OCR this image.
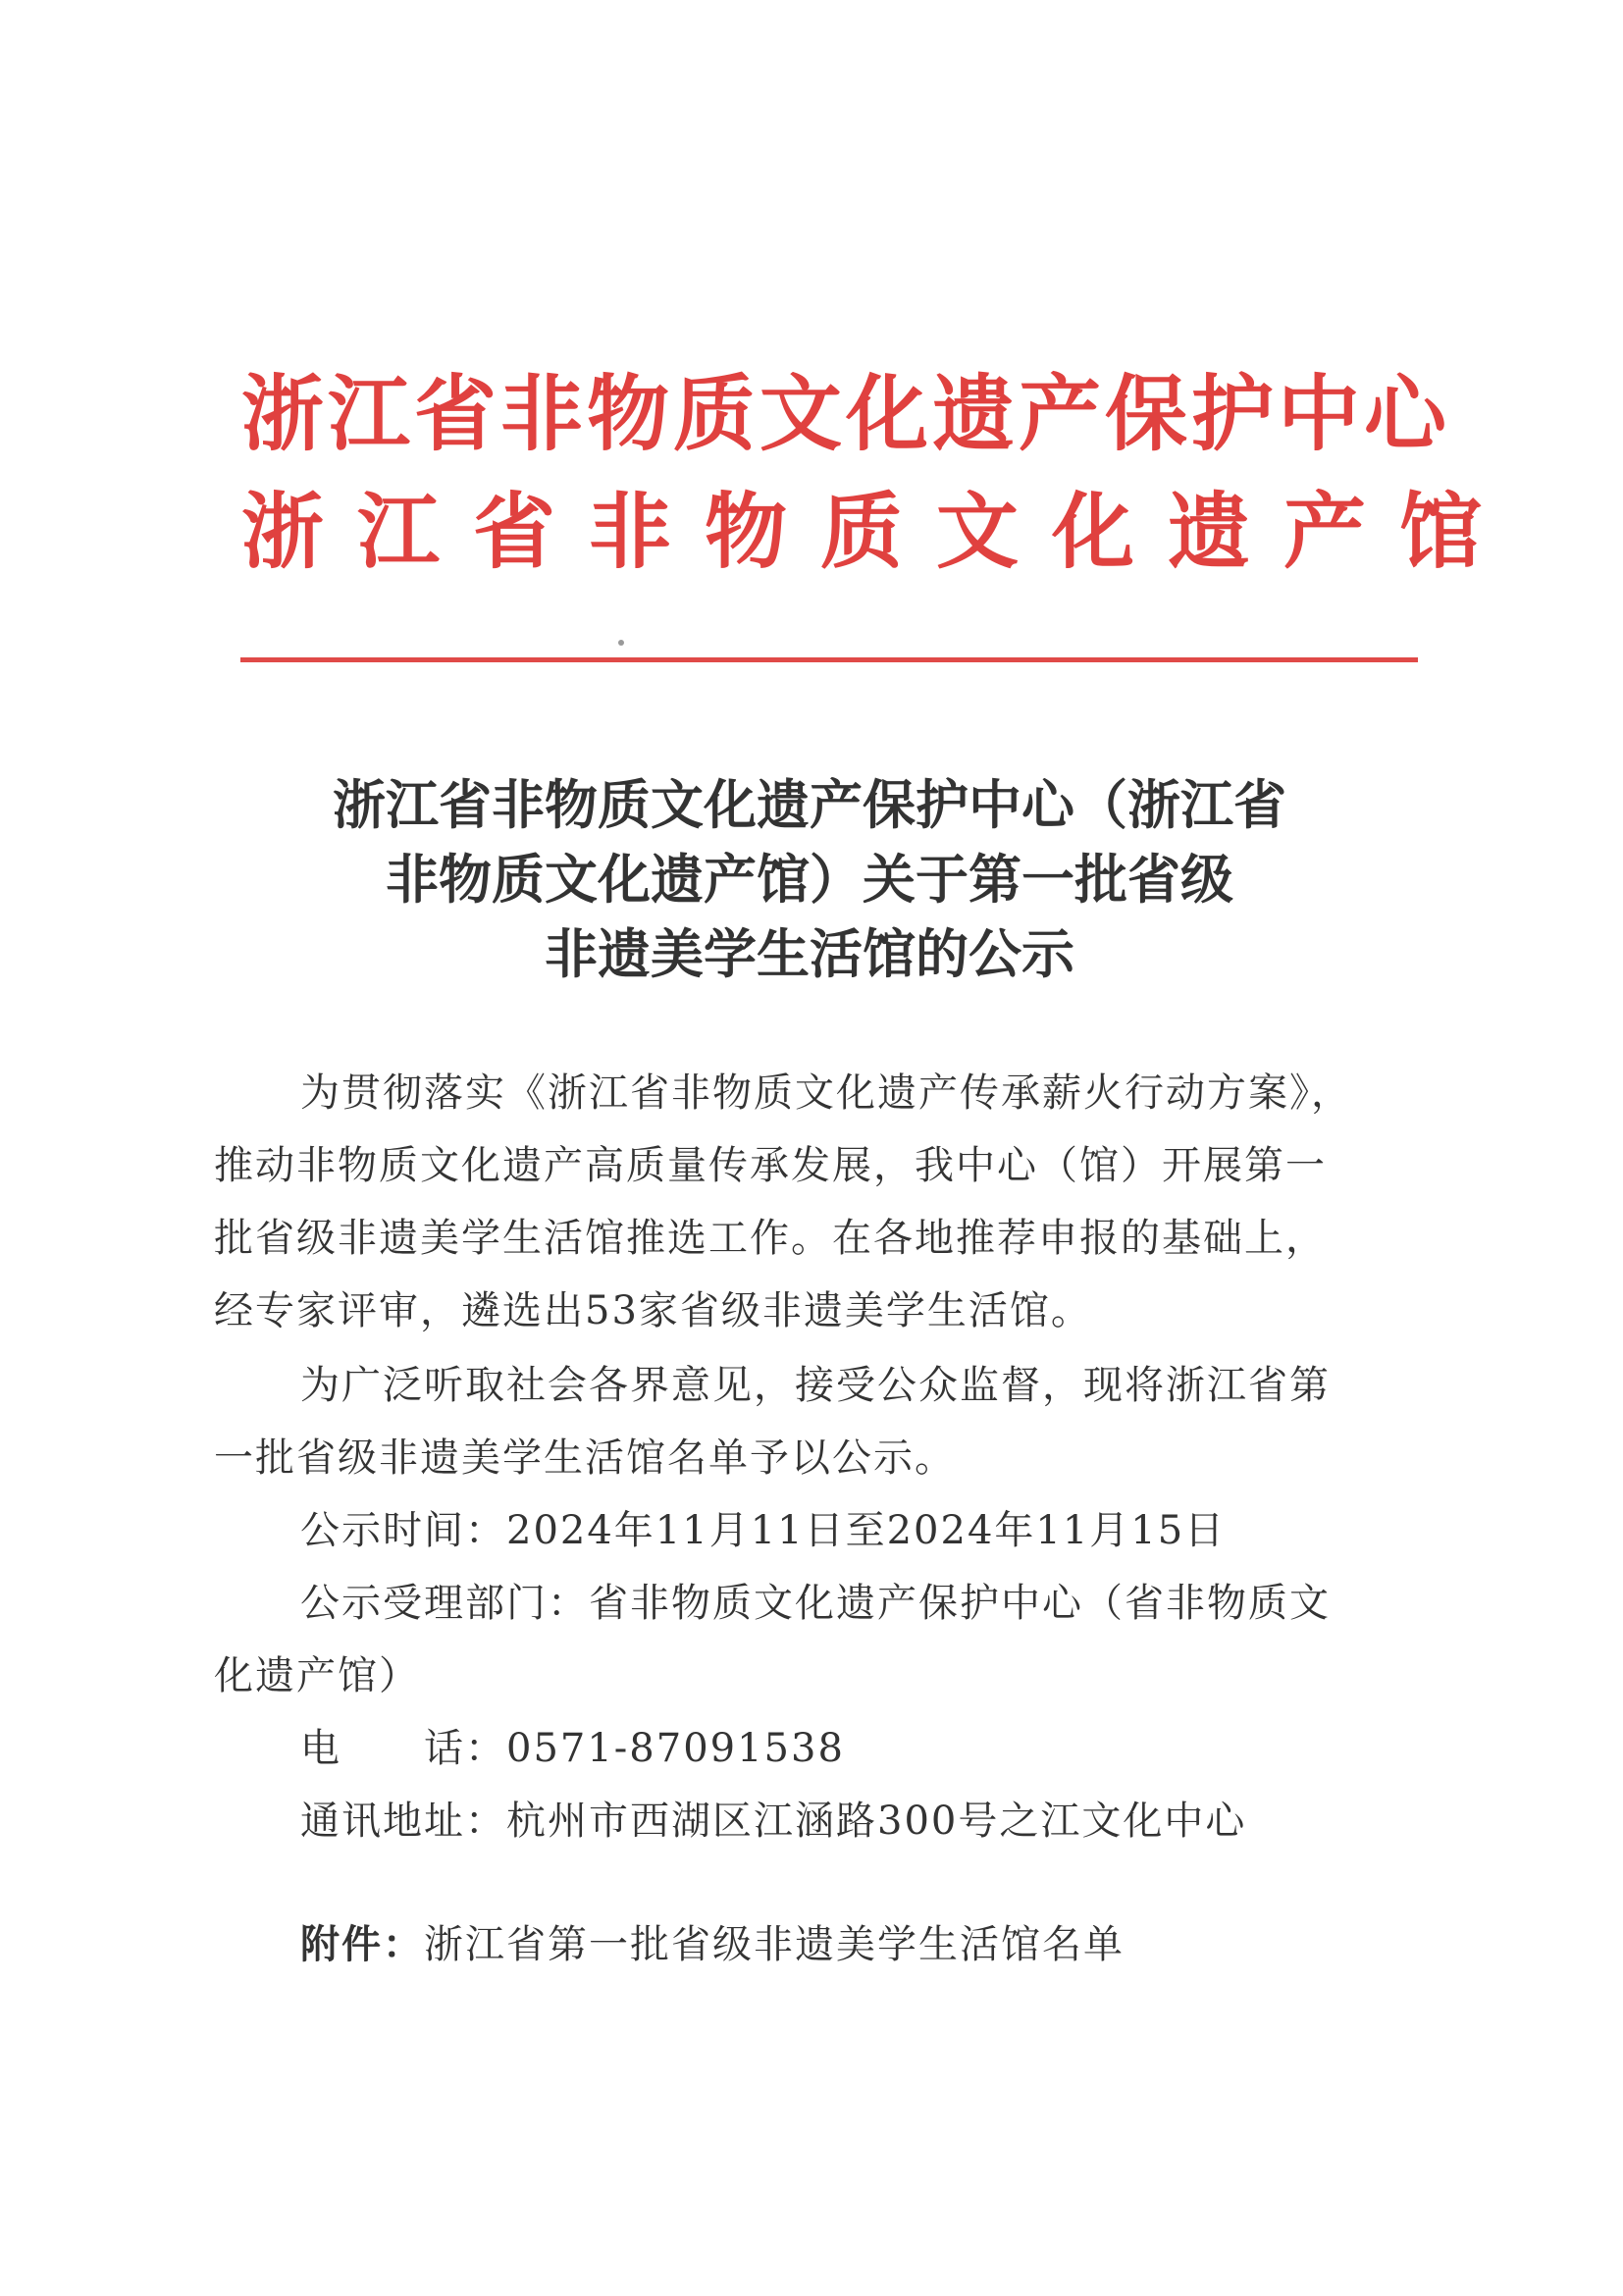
浙江省非物质文化遗产保护中心
浙江省非物质文化遗产馆
浙江省非物质文化遗产保护中心（浙江省
非物质文化遗产馆）关于第一批省级
非遗美学生活馆的公示
为贯彻落实《浙江省非物质文化遗产传承薪火行动方案》，
推动非物质文化遗产高质量传承发展，我中心（馆）开展第一
批省级非遗美学生活馆推选工作。在各地推荐申报的基础上，
经专家评审，遴选出53家省级非遗美学生活馆。
为广泛听取社会各界意见，接受公众监督，现将浙江省第
一批省级非遗美学生活馆名单予以公示。
公示时间：2024年11月11日至2024年11月15日
公示受理部门：省非物质文化遗产保护中心（省非物质文
化遗产馆）
电　　话：0571-87091538
通讯地址：杭州市西湖区江涵路300号之江文化中心
附件：浙江省第一批省级非遗美学生活馆名单
